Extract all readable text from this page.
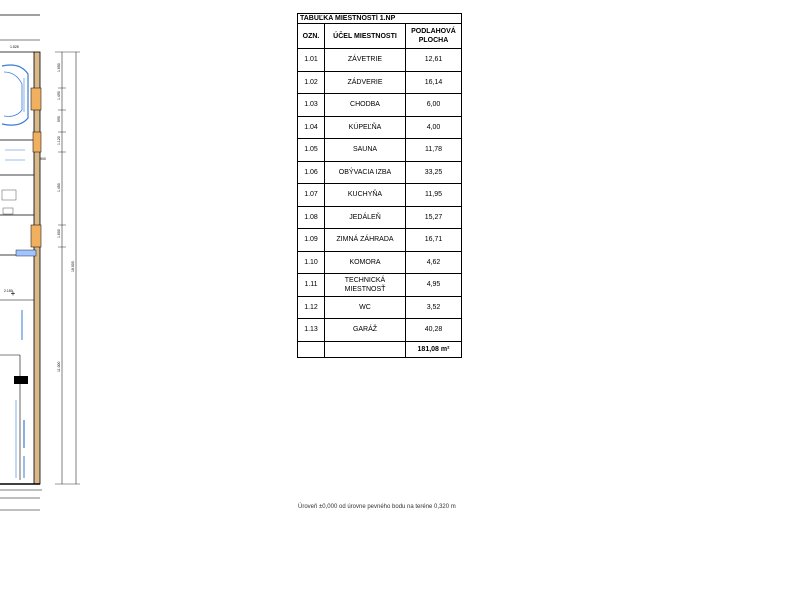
+
1.650
1.490
590
1.120
1.450
18.000
11.000
1.600
1.525
900
2.150
TABUĽKA MIESTNOSTÍ 1.NP		
OZN.	ÚČEL MIESTNOSTI	PODLAHOVÁ PLOCHA
1.01	ZÁVETRIE	12,61
1.02	ZÁDVERIE	16,14
1.03	CHODBA	6,00
1.04	KÚPEĽŇA	4,00
1.05	SAUNA	11,78
1.06	OBÝVACIA IZBA	33,25
1.07	KUCHYŇA	11,95
1.08	JEDÁLEŇ	15,27
1.09	ZIMNÁ ZÁHRADA	16,71
1.10	KOMORA	4,62
1.11	TECHNICKÁ MIESTNOSŤ	4,95
1.12	WC	3,52
1.13	GARÁŽ	40,28
		181,08 m²
Úroveň ±0,000 od úrovne pevného bodu na teréne 0,320 m
